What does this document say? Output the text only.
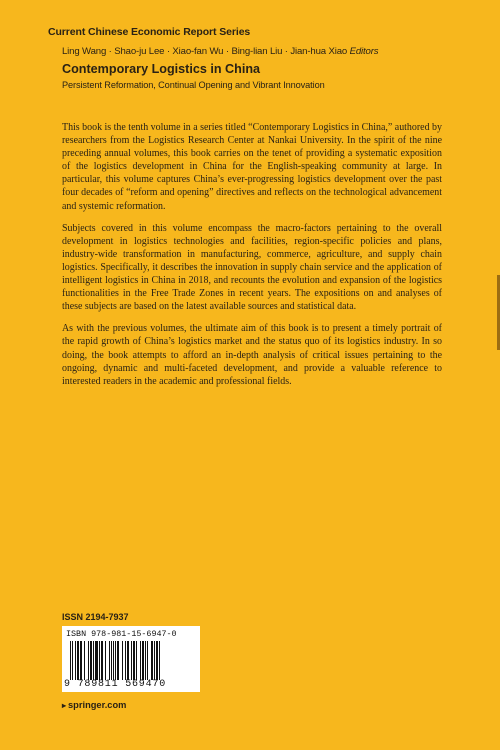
Current Chinese Economic Report Series
Ling Wang · Shao-ju Lee · Xiao-fan Wu · Bing-lian Liu · Jian-hua Xiao Editors
Contemporary Logistics in China
Persistent Reformation, Continual Opening and Vibrant Innovation

This book is the tenth volume in a series titled “Contemporary Logistics in China,” authored by researchers from the Logistics Research Center at Nankai University. In the spirit of the nine preceding annual volumes, this book carries on the tenet of providing a systematic exposition of the logistics development in China for the English-speaking community at large. In particular, this volume captures China’s ever-progressing logistics development over the past four decades of “reform and opening” directives and reflects on the technological advancement and systemic reformation.

Subjects covered in this volume encompass the macro-factors pertaining to the overall development in logistics technologies and facilities, region-specific policies and plans, industry-wide transformation in manufacturing, commerce, agriculture, and supply chain logistics. Specifically, it describes the innovation in supply chain service and the application of intelligent logistics in China in 2018, and recounts the evolution and expansion of the logistics functionalities in the Free Trade Zones in recent years. The expositions on and analyses of these subjects are based on the latest available sources and statistical data.

As with the previous volumes, the ultimate aim of this book is to present a timely portrait of the rapid growth of China’s logistics market and the status quo of its logistics industry. In so doing, the book attempts to afford an in-depth analysis of critical issues pertaining to the ongoing, dynamic and multi-faceted development, and provide a valuable reference to interested readers in the academic and professional fields.

ISSN 2194-7937
ISBN 978-981-15-6947-0
9 789811 569470
▸ springer.com
